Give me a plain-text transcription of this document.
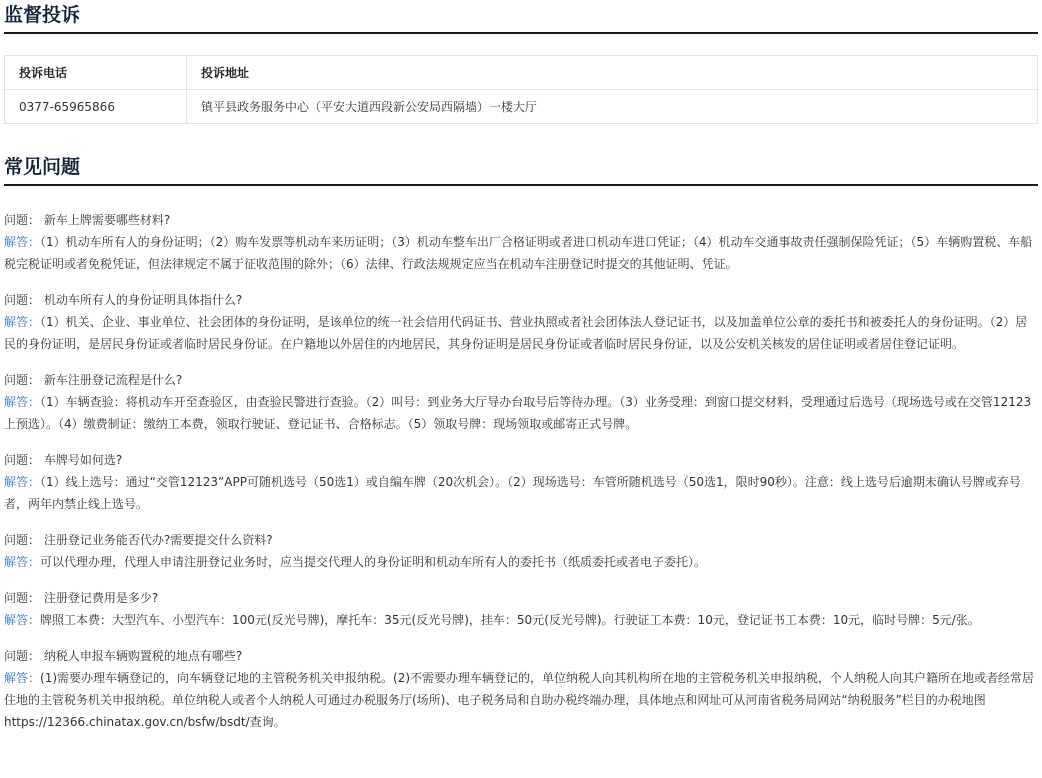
监督投诉
投诉电话	投诉地址
0377-65965866	镇平县政务服务中心（平安大道西段新公安局西隔墙）一楼大厅
常见问题

问题： 新车上牌需要哪些材料?

解答：（1）机动车所有人的身份证明；（2）购车发票等机动车来历证明；（3）机动车整车出厂合格证明或者进口机动车进口凭证；（4）机动车交通事故责任强制保险凭证；（5）车辆购置税、车船税完税证明或者免税凭证，但法律规定不属于征收范围的除外；（6）法律、行政法规规定应当在机动车注册登记时提交的其他证明、凭证。

问题： 机动车所有人的身份证明具体指什么?

解答：（1）机关、企业、事业单位、社会团体的身份证明，是该单位的统一社会信用代码证书、营业执照或者社会团体法人登记证书，以及加盖单位公章的委托书和被委托人的身份证明。（2）居民的身份证明，是居民身份证或者临时居民身份证。在户籍地以外居住的内地居民，其身份证明是居民身份证或者临时居民身份证，以及公安机关核发的居住证明或者居住登记证明。

问题： 新车注册登记流程是什么?

解答：（1）车辆查验：将机动车开至查验区，由查验民警进行查验。（2）叫号：到业务大厅导办台取号后等待办理。（3）业务受理：到窗口提交材料，受理通过后选号（现场选号或在交管12123上预选）。（4）缴费制证：缴纳工本费，领取行驶证、登记证书、合格标志。（5）领取号牌：现场领取或邮寄正式号牌。

问题： 车牌号如何选?

解答：（1）线上选号：通过“交管12123”APP可随机选号（50选1）或自编车牌（20次机会）。（2）现场选号：车管所随机选号（50选1，限时90秒）。注意：线上选号后逾期未确认号牌或弃号者，两年内禁止线上选号。

问题： 注册登记业务能否代办?需要提交什么资料?

解答：可以代理办理，代理人申请注册登记业务时，应当提交代理人的身份证明和机动车所有人的委托书（纸质委托或者电子委托）。

问题： 注册登记费用是多少?

解答：牌照工本费：大型汽车、小型汽车：100元(反光号牌)，摩托车：35元(反光号牌)，挂车：50元(反光号牌)。行驶证工本费：10元，登记证书工本费：10元，临时号牌：5元/张。

问题： 纳税人申报车辆购置税的地点有哪些?

解答：(1)需要办理车辆登记的，向车辆登记地的主管税务机关申报纳税。(2)不需要办理车辆登记的，单位纳税人向其机构所在地的主管税务机关申报纳税，个人纳税人向其户籍所在地或者经常居住地的主管税务机关申报纳税。单位纳税人或者个人纳税人可通过办税服务厅(场所)、电子税务局和自助办税终端办理，具体地点和网址可从河南省税务局网站“纳税服务”栏目的办税地图 https://12366.chinatax.gov.cn/bsfw/bsdt/查询。
